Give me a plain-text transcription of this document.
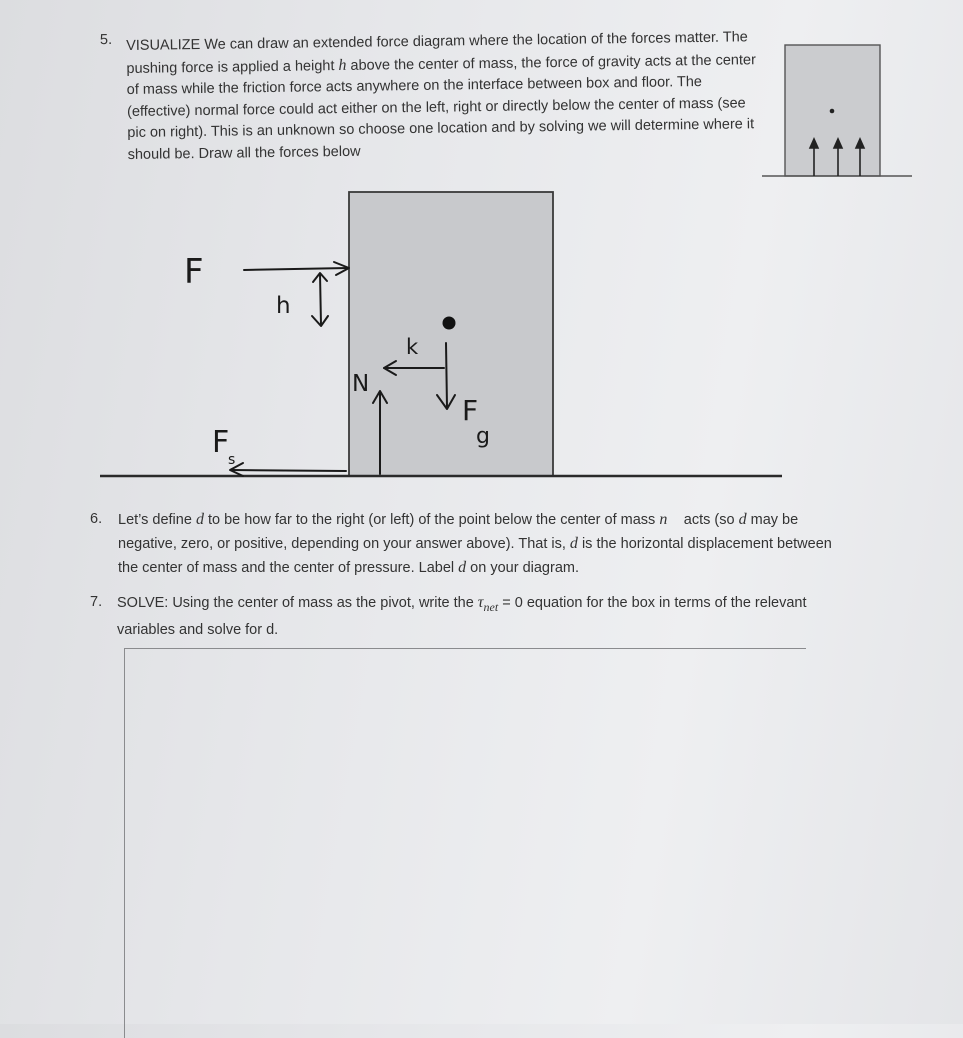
5. VISUALIZE We can draw an extended force diagram where the location of the forces matter. The pushing force is applied a height h above the center of mass, the force of gravity acts at the center of mass while the friction force acts anywhere on the interface between box and floor. The (effective) normal force could act either on the left, right or directly below the center of mass (see pic on right). This is an unknown so choose one location and by solving we will determine where it should be. Draw all the forces below
F
h
N
k
F
g
F
s
6. Let’s define d to be how far to the right (or left) of the point below the center of mass n⃗ acts (so d may be negative, zero, or positive, depending on your answer above). That is, d is the horizontal displacement between the center of mass and the center of pressure. Label d on your diagram.
7. SOLVE: Using the center of mass as the pivot, write the $\tau_{net} = 0$ equation for the box in terms of the relevant variables and solve for d.
